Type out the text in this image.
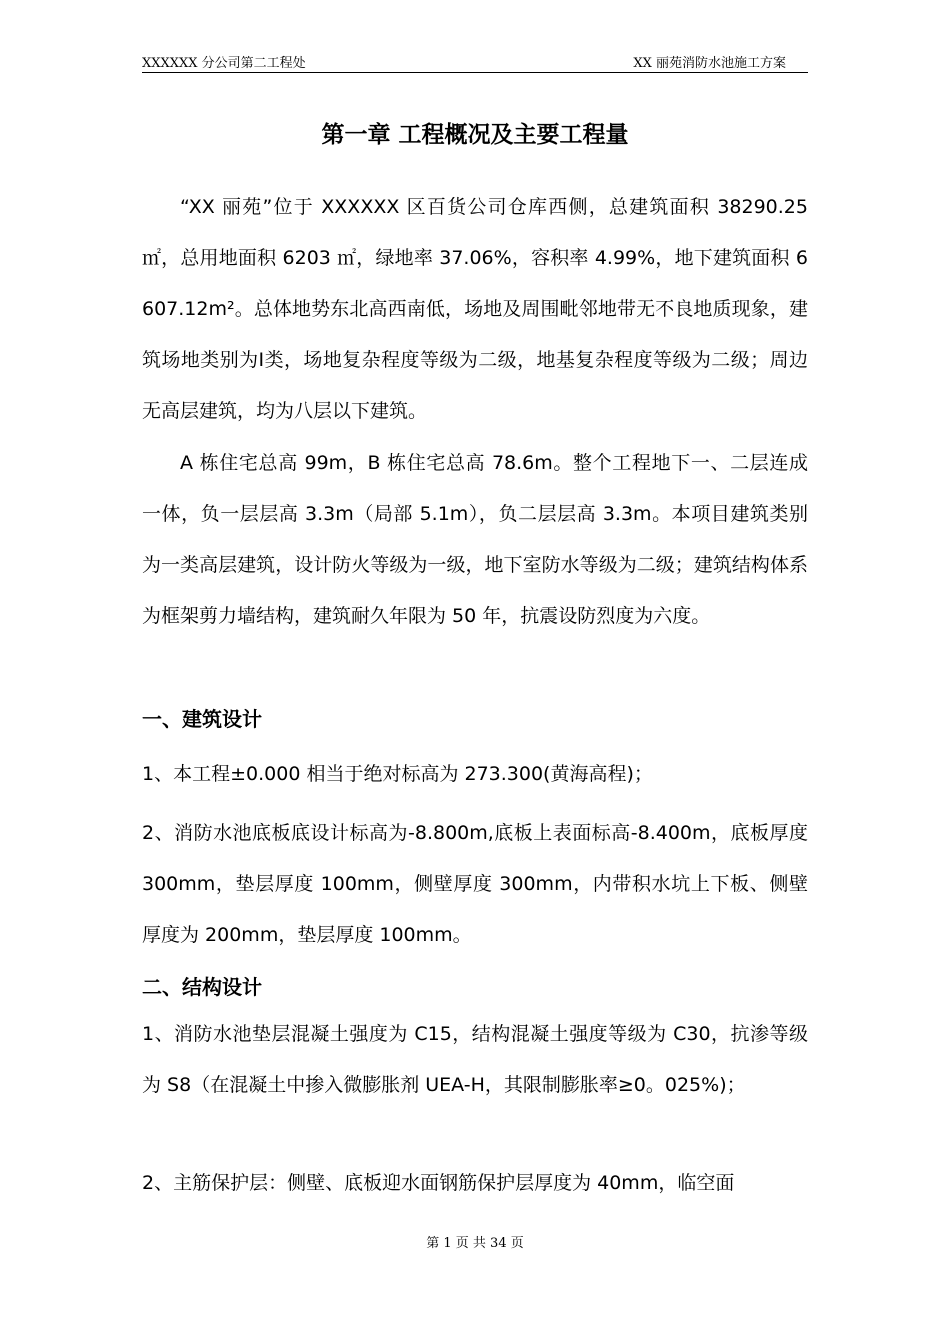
XXXXXX 分公司第二工程处	XX 丽苑消防水池施工方案
第一章 工程概况及主要工程量
“XX 丽苑”位于 XXXXXX 区百货公司仓库西侧，总建筑面积 38290.25 ㎡，总用地面积 6203 ㎡，绿地率 37.06%，容积率 4.99%，地下建筑面积 6607.12m²。总体地势东北高西南低，场地及周围毗邻地带无不良地质现象，建筑场地类别为Ⅰ类，场地复杂程度等级为二级，地基复杂程度等级为二级；周边无高层建筑，均为八层以下建筑。
A 栋住宅总高 99m，B 栋住宅总高 78.6m。整个工程地下一、二层连成一体，负一层层高 3.3m（局部 5.1m），负二层层高 3.3m。本项目建筑类别为一类高层建筑，设计防火等级为一级，地下室防水等级为二级；建筑结构体系为框架剪力墙结构，建筑耐久年限为 50 年，抗震设防烈度为六度。
一、建筑设计
1、本工程±0.000 相当于绝对标高为 273.300(黄海高程)；
2、消防水池底板底设计标高为-8.800m,底板上表面标高-8.400m，底板厚度 300mm，垫层厚度 100mm，侧壁厚度 300mm，内带积水坑上下板、侧壁厚度为 200mm，垫层厚度 100mm。
二、结构设计
1、消防水池垫层混凝土强度为 C15，结构混凝土强度等级为 C30，抗渗等级为 S8（在混凝土中掺入微膨胀剂 UEA-H，其限制膨胀率≥0。025%)；
2、主筋保护层：侧壁、底板迎水面钢筋保护层厚度为 40mm，临空面
第 1 页 共 34 页
